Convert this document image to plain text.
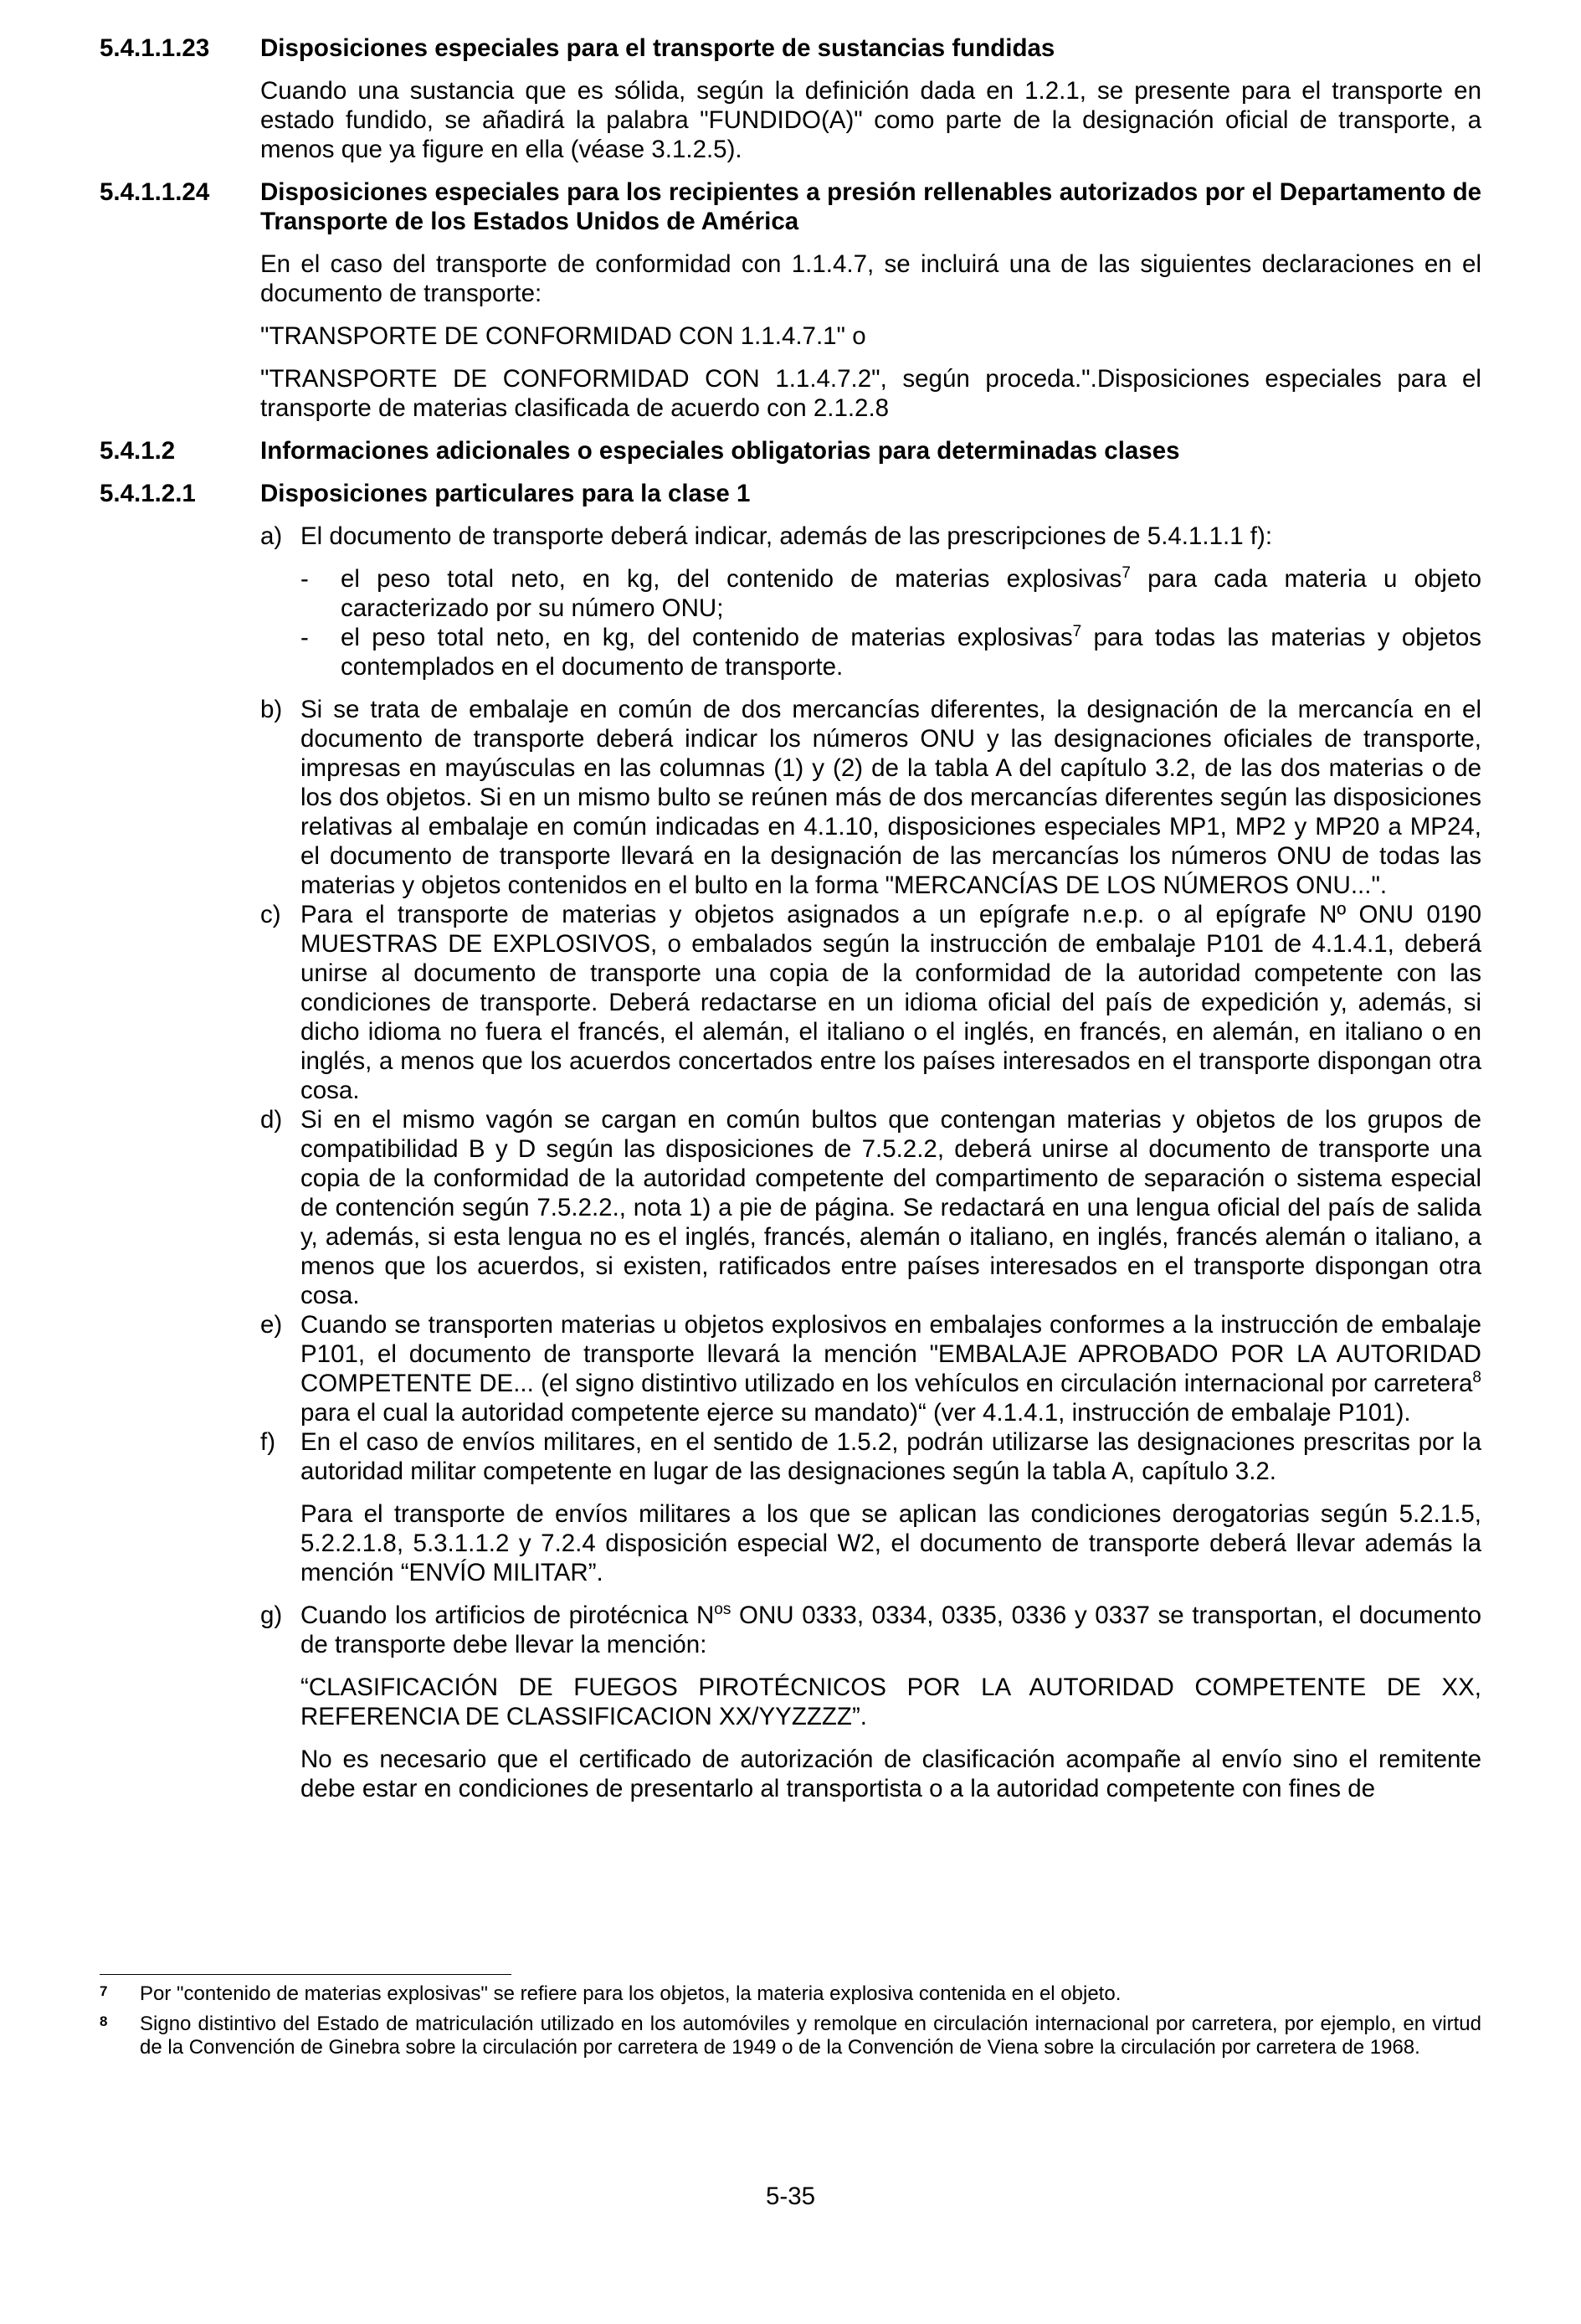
5.4.1.1.23 Disposiciones especiales para el transporte de sustancias fundidas

Cuando una sustancia que es sólida, según la definición dada en 1.2.1, se presente para el transporte en estado fundido, se añadirá la palabra "FUNDIDO(A)" como parte de la designación oficial de transporte, a menos que ya figure en ella (véase 3.1.2.5).

5.4.1.1.24 Disposiciones especiales para los recipientes a presión rellenables autorizados por el Departamento de Transporte de los Estados Unidos de América

En el caso del transporte de conformidad con 1.1.4.7, se incluirá una de las siguientes declaraciones en el documento de transporte:

"TRANSPORTE DE CONFORMIDAD CON 1.1.4.7.1" o

"TRANSPORTE DE CONFORMIDAD CON 1.1.4.7.2", según proceda.".Disposiciones especiales para el transporte de materias clasificada de acuerdo con 2.1.2.8

5.4.1.2	Informaciones adicionales o especiales obligatorias para determinadas clases
5.4.1.2.1	Disposiciones particulares para la clase 1
a) El documento de transporte deberá indicar, además de las prescripciones de 5.4.1.1.1 f):
- el peso total neto, en kg, del contenido de materias explosivas$^7$ para cada materia u objeto caracterizado por su número ONU;
- el peso total neto, en kg, del contenido de materias explosivas$^7$ para todas las materias y objetos contemplados en el documento de transporte.
b) Si se trata de embalaje en común de dos mercancías diferentes, la designación de la mercancía en el documento de transporte deberá indicar los números ONU y las designaciones oficiales de transporte, impresas en mayúsculas en las columnas (1) y (2) de la tabla A del capítulo 3.2, de las dos materias o de los dos objetos. Si en un mismo bulto se reúnen más de dos mercancías diferentes según las disposiciones relativas al embalaje en común indicadas en 4.1.10, disposiciones especiales MP1, MP2 y MP20 a MP24, el documento de transporte llevará en la designación de las mercancías los números ONU de todas las materias y objetos contenidos en el bulto en la forma "MERCANCÍAS DE LOS NÚMEROS ONU...".
c) Para el transporte de materias y objetos asignados a un epígrafe n.e.p. o al epígrafe Nº ONU 0190 MUESTRAS DE EXPLOSIVOS, o embalados según la instrucción de embalaje P101 de 4.1.4.1, deberá unirse al documento de transporte una copia de la conformidad de la autoridad competente con las condiciones de transporte. Deberá redactarse en un idioma oficial del país de expedición y, además, si dicho idioma no fuera el francés, el alemán, el italiano o el inglés, en francés, en alemán, en italiano o en inglés, a menos que los acuerdos concertados entre los países interesados en el transporte dispongan otra cosa.
d) Si en el mismo vagón se cargan en común bultos que contengan materias y objetos de los grupos de compatibilidad B y D según las disposiciones de 7.5.2.2, deberá unirse al documento de transporte una copia de la conformidad de la autoridad competente del compartimento de separación o sistema especial de contención según 7.5.2.2., nota 1) a pie de página. Se redactará en una lengua oficial del país de salida y, además, si esta lengua no es el inglés, francés, alemán o italiano, en inglés, francés alemán o italiano, a menos que los acuerdos, si existen, ratificados entre países interesados en el transporte dispongan otra cosa.
e) Cuando se transporten materias u objetos explosivos en embalajes conformes a la instrucción de embalaje P101, el documento de transporte llevará la mención "EMBALAJE APROBADO POR LA AUTORIDAD COMPETENTE DE... (el signo distintivo utilizado en los vehículos en circulación internacional por carretera$^8$ para el cual la autoridad competente ejerce su mandato)“ (ver 4.1.4.1, instrucción de embalaje P101).
f) En el caso de envíos militares, en el sentido de 1.5.2, podrán utilizarse las designaciones prescritas por la autoridad militar competente en lugar de las designaciones según la tabla A, capítulo 3.2.

Para el transporte de envíos militares a los que se aplican las condiciones derogatorias según 5.2.1.5, 5.2.2.1.8, 5.3.1.1.2 y 7.2.4 disposición especial W2, el documento de transporte deberá llevar además la mención “ENVÍO MILITAR”.

g) Cuando los artificios de pirotécnica $N^{os}$ ONU 0333, 0334, 0335, 0336 y 0337 se transportan, el documento de transporte debe llevar la mención:

“CLASIFICACIÓN DE FUEGOS PIROTÉCNICOS POR LA AUTORIDAD COMPETENTE DE XX, REFERENCIA DE CLASSIFICACION XX/YYZZZZ”.

No es necesario que el certificado de autorización de clasificación acompañe al envío sino el remitente debe estar en condiciones de presentarlo al transportista o a la autoridad competente con fines de

7 Por "contenido de materias explosivas" se refiere para los objetos, la materia explosiva contenida en el objeto.
8 Signo distintivo del Estado de matriculación utilizado en los automóviles y remolque en circulación internacional por carretera, por ejemplo, en virtud de la Convención de Ginebra sobre la circulación por carretera de 1949 o de la Convención de Viena sobre la circulación por carretera de 1968.
5-35
